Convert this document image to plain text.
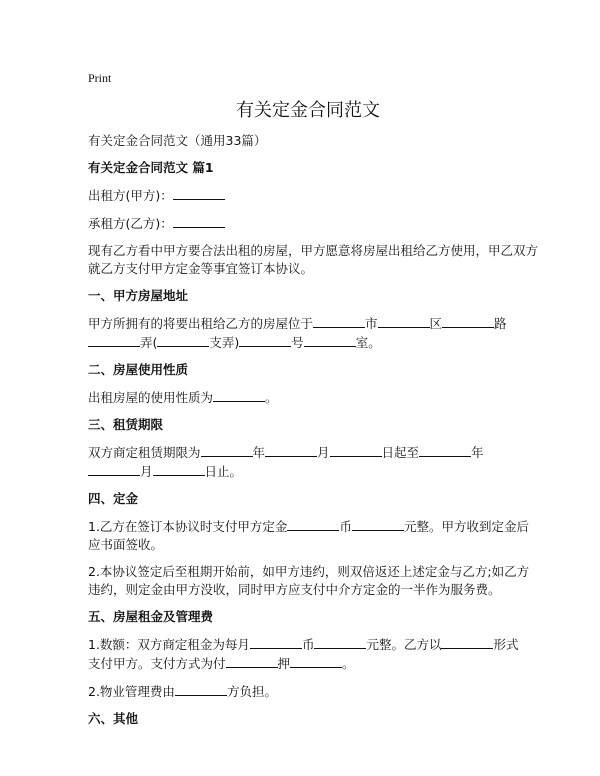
Print
有关定金合同范文

有关定金合同范文（通用33篇）

有关定金合同范文 篇1

出租方(甲方)：

承租方(乙方)：

现有乙方看中甲方要合法出租的房屋，甲方愿意将房屋出租给乙方使用，甲乙双方
就乙方支付甲方定金等事宜签订本协议。

一、甲方房屋地址

甲方所拥有的将要出租给乙方的房屋位于	市	区	路
弄(	支弄)	号	室。

二、房屋使用性质

出租房屋的使用性质为	。

三、租赁期限

双方商定租赁期限为	年	月	日起至	年
月	日止。

四、定金

1.乙方在签订本协议时支付甲方定金	币	元整。甲方收到定金后
应书面签收。

2.本协议签定后至租期开始前，如甲方违约，则双倍返还上述定金与乙方;如乙方
违约，则定金由甲方没收，同时甲方应支付中介方定金的一半作为服务费。

五、房屋租金及管理费

1.数额：双方商定租金为每月	币	元整。乙方以	形式
支付甲方。支付方式为付	押	。

2.物业管理费由	方负担。

六、其他
